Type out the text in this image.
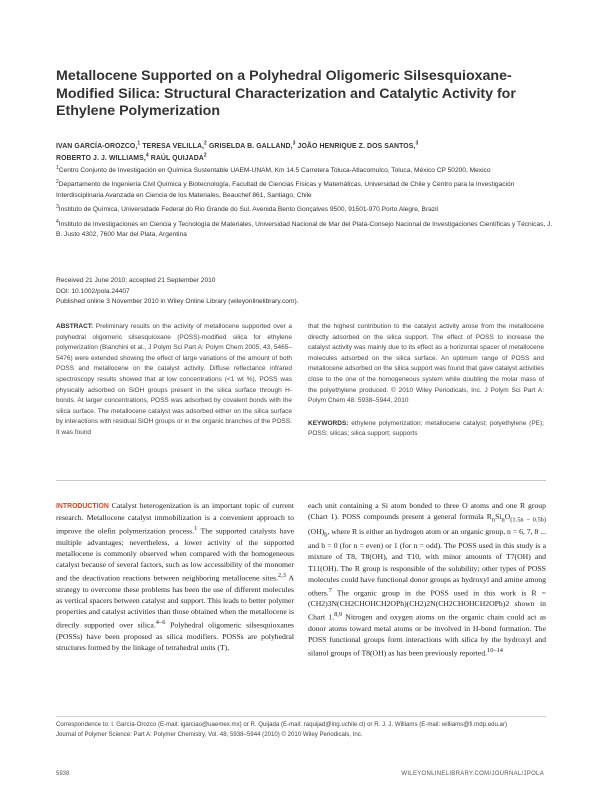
Metallocene Supported on a Polyhedral Oligomeric Silsesquioxane-Modified Silica: Structural Characterization and Catalytic Activity for Ethylene Polymerization
IVAN GARCÍA-OROZCO,$^1$ TERESA VELILLA,$^2$ GRISELDA B. GALLAND,$^3$ JOÃO HENRIQUE Z. DOS SANTOS,$^3$
ROBERTO J. J. WILLIAMS,$^4$ RAÚL QUIJADA$^2$

$^1$Centro Conjunto de Investigación en Química Sustentable UAEM-UNAM, Km 14.5 Carretera Toluca-Atlacomulco, Toluca, México CP 50200, Mexico

$^2$Departamento de Ingeniería Civil Química y Biotecnología, Facultad de Ciencias Físicas y Matemáticas, Universidad de Chile y Centro para la Investigación Interdisciplinaria Avanzada en Ciencia de los Materiales, Beauchef 861, Santiago, Chile

$^3$Instituto de Química, Universidade Federal do Rio Grande do Sul, Avenida Bento Gonçalves 9500, 91501-970 Porto Alegre, Brazil

$^4$Instituto de Investigaciones en Ciencia y Tecnología de Materiales, Universidad Nacional de Mar del Plata-Consejo Nacional de Investigaciones Científicas y Técnicas, J. B. Justo 4302, 7600 Mar del Plata, Argentina

Received 21 June 2010; accepted 21 September 2010
DOI: 10.1002/pola.24407
Published online 3 November 2010 in Wiley Online Library (wileyonlinelibrary.com).
ABSTRACT: Preliminary results on the activity of metallocene supported over a polyhedral oligomeric silsesquioxane (POSS)-modified silica for ethylene polymerization (Bianchini et al., J Polym Sci Part A: Polym Chem 2005, 43, 5465–5476) were extended showing the effect of large variations of the amount of both POSS and metallocene on the catalyst activity. Diffuse reflectance infrared spectroscopy results showed that at low concentrations (<1 wt %), POSS was physically adsorbed on SiOH groups present in the silica surface through H-bonds. At larger concentrations, POSS was adsorbed by covalent bonds with the silica surface. The metallocene catalyst was adsorbed either on the silica surface by interactions with residual SiOH groups or in the organic branches of the POSS. It was found
that the highest contribution to the catalyst activity arose from the metallocene directly adsorbed on the silica support. The effect of POSS to increase the catalyst activity was mainly due to its effect as a horizontal spacer of metallocene molecules adsorbed on the silica surface. An optimum range of POSS and metallocene adsorbed on the silica support was found that gave catalyst activities close to the one of the homogeneous system while doubling the molar mass of the polyethylene produced. © 2010 Wiley Periodicals, Inc. J Polym Sci Part A: Polym Chem 48: 5938–5944, 2010
KEYWORDS: ethylene polymerization; metallocene catalyst; polyethylene (PE); POSS; silicas; silica support; supports
INTRODUCTION Catalyst heterogenization is an important topic of current research. Metallocene catalyst immobilization is a convenient approach to improve the olefin polymerization process.$^1$ The supported catalysts have multiple advantages; nevertheless, a lower activity of the supported metallocene is commonly observed when compared with the homogeneous catalyst because of several factors, such as low accessibility of the monomer and the deactivation reactions between neighboring metallocene sites.$^{2,3}$ A strategy to overcome these problems has been the use of different molecules as vertical spacers between catalyst and support. This leads to better polymer properties and catalyst activities than those obtained when the metallocene is directly supported over silica.$^{4-6}$ Polyhedral oligomeric silsesquioxanes (POSSs) have been proposed as silica modifiers. POSSs are polyhedral structures formed by the linkage of tetrahedral units (T),
each unit containing a Si atom bonded to three O atoms and one R group (Chart 1). POSS compounds present a general formula $R_nSi_nO_{(1.5n - 0.5b)}(OH)_b$, where R is either an hydrogen atom or an organic group, n = 6, 7, 8 ... and b = 0 (for n = even) or 1 (for n = odd). The POSS used in this study is a mixture of T8, T8(OH), and T10, with minor amounts of T7(OH) and T11(OH). The R group is responsible of the solubility; other types of POSS molecules could have functional donor groups as hydroxyl and amine among others.$^7$ The organic group in the POSS used in this work is R = (CH2)3N(CH2CHOHCH2OPh)(CH2)2N(CH2CHOHCH2OPh)2 shown in Chart 1.$^{8,9}$ Nitrogen and oxygen atoms on the organic chain could act as donor atoms toward metal atoms or be involved in H-bond formation. The POSS functional groups form interactions with silica by the hydroxyl and silanol groups of T8(OH) as has been previously reported.$^{10-14}$
Correspondence to: I. García-Orozco (E-mail: igarciao@uaemex.mx) or R. Quijada (E-mail: raquijad@ing.uchile.cl) or R. J. J. Williams (E-mail: williams@fi.mdp.edu.ar)
Journal of Polymer Science: Part A: Polymer Chemistry, Vol. 48, 5938–5944 (2010) © 2010 Wiley Periodicals, Inc.
5938	WILEYONLINELIBRARY.COM/JOURNAL/JPOLA
